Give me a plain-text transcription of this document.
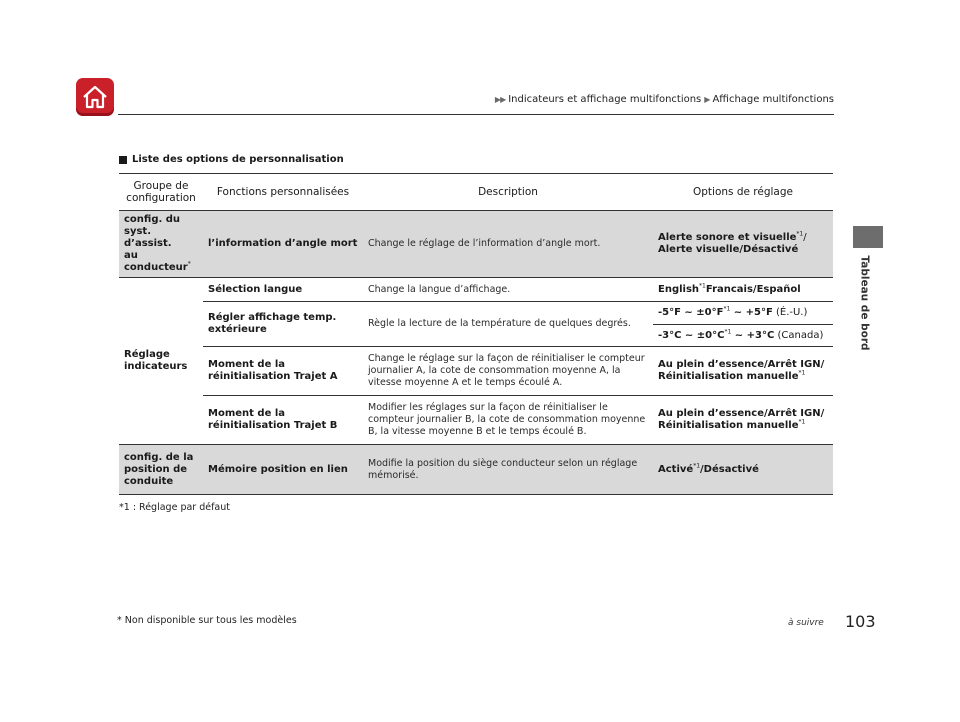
▶▶ Indicateurs et affichage multifonctions ▶ Affichage multifonctions
Tableau de bord
Liste des options de personnalisation
Groupe de
configuration	Fonctions personnalisées	Description	Options de réglage
config. du
syst. d’assist.
au
conducteur*	l’information d’angle mort	Change le réglage de l’information d’angle mort.	Alerte sonore et visuelle$^{*1}$/
Alerte visuelle/Désactivé
Réglage
indicateurs	Sélection langue	Change la langue d’affichage.	English$^{*1}$Francais/Español
	Régler affichage temp.
extérieure	Règle la lecture de la température de quelques degrés.	-5°F ~ $\pm 0^\circ F^{*1}$ ~ +5°F (É.-U.)
			-3°C ~ $\pm 0^\circ C^{*1}$ ~ +3°C (Canada)
	Moment de la
réinitialisation Trajet A	Change le réglage sur la façon de réinitialiser le compteur
journalier A, la cote de consommation moyenne A, la
vitesse moyenne A et le temps écoulé A.	Au plein d’essence/Arrêt IGN/
Réinitialisation manuelle$^{*1}$
	Moment de la
réinitialisation Trajet B	Modifier les réglages sur la façon de réinitialiser le
compteur journalier B, la cote de consommation moyenne
B, la vitesse moyenne B et le temps écoulé B.	Au plein d’essence/Arrêt IGN/
Réinitialisation manuelle$^{*1}$
config. de la
position de
conduite	Mémoire position en lien	Modifie la position du siège conducteur selon un réglage
mémorisé.	Activé$^{*1}$/Désactivé
*1 : Réglage par défaut
* Non disponible sur tous les modèles	à suivre 103
